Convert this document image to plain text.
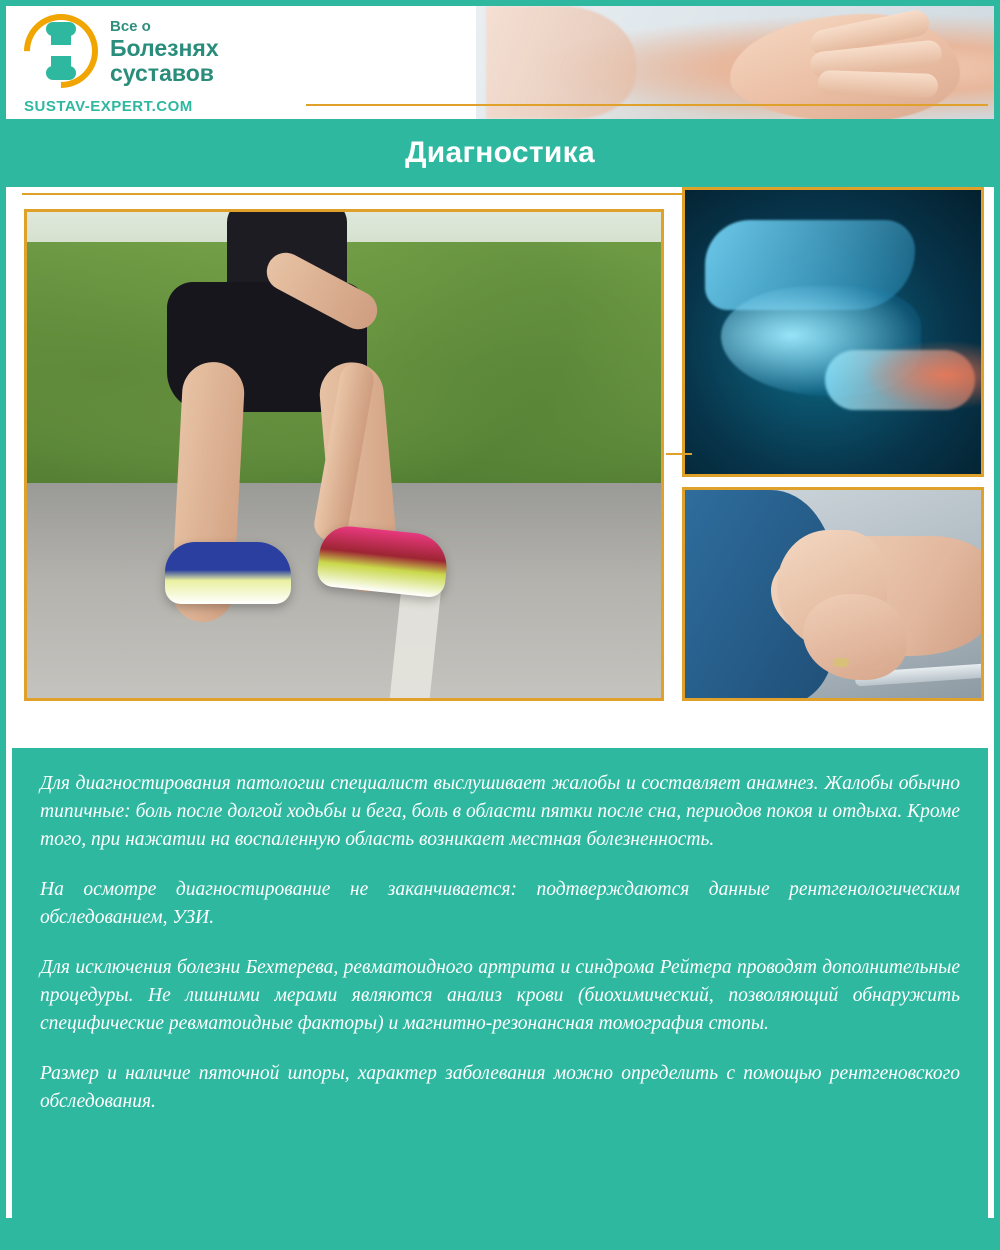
Все о
Болезнях
суставов
SUSTAV-EXPERT.COM
Диагностика

Для диагностирования патологии специалист выслушивает жалобы и составляет анамнез. Жалобы обычно типичные: боль после долгой ходьбы и бега, боль в области пятки после сна, периодов покоя и отдыха. Кроме того, при нажатии на воспаленную область возникает местная болезненность.

На осмотре диагностирование не заканчивается: подтверждаются данные рентгенологическим обследованием, УЗИ.

Для исключения болезни Бехтерева, ревматоидного артрита и синдрома Рейтера проводят дополнительные процедуры. Не лишними мерами являются анализ крови (биохимический, позволяющий обнаружить специфические ревматоидные факторы) и магнитно-резонансная томография стопы.

Размер и наличие пяточной шпоры, характер заболевания можно определить с помощью рентгеновского обследования.
